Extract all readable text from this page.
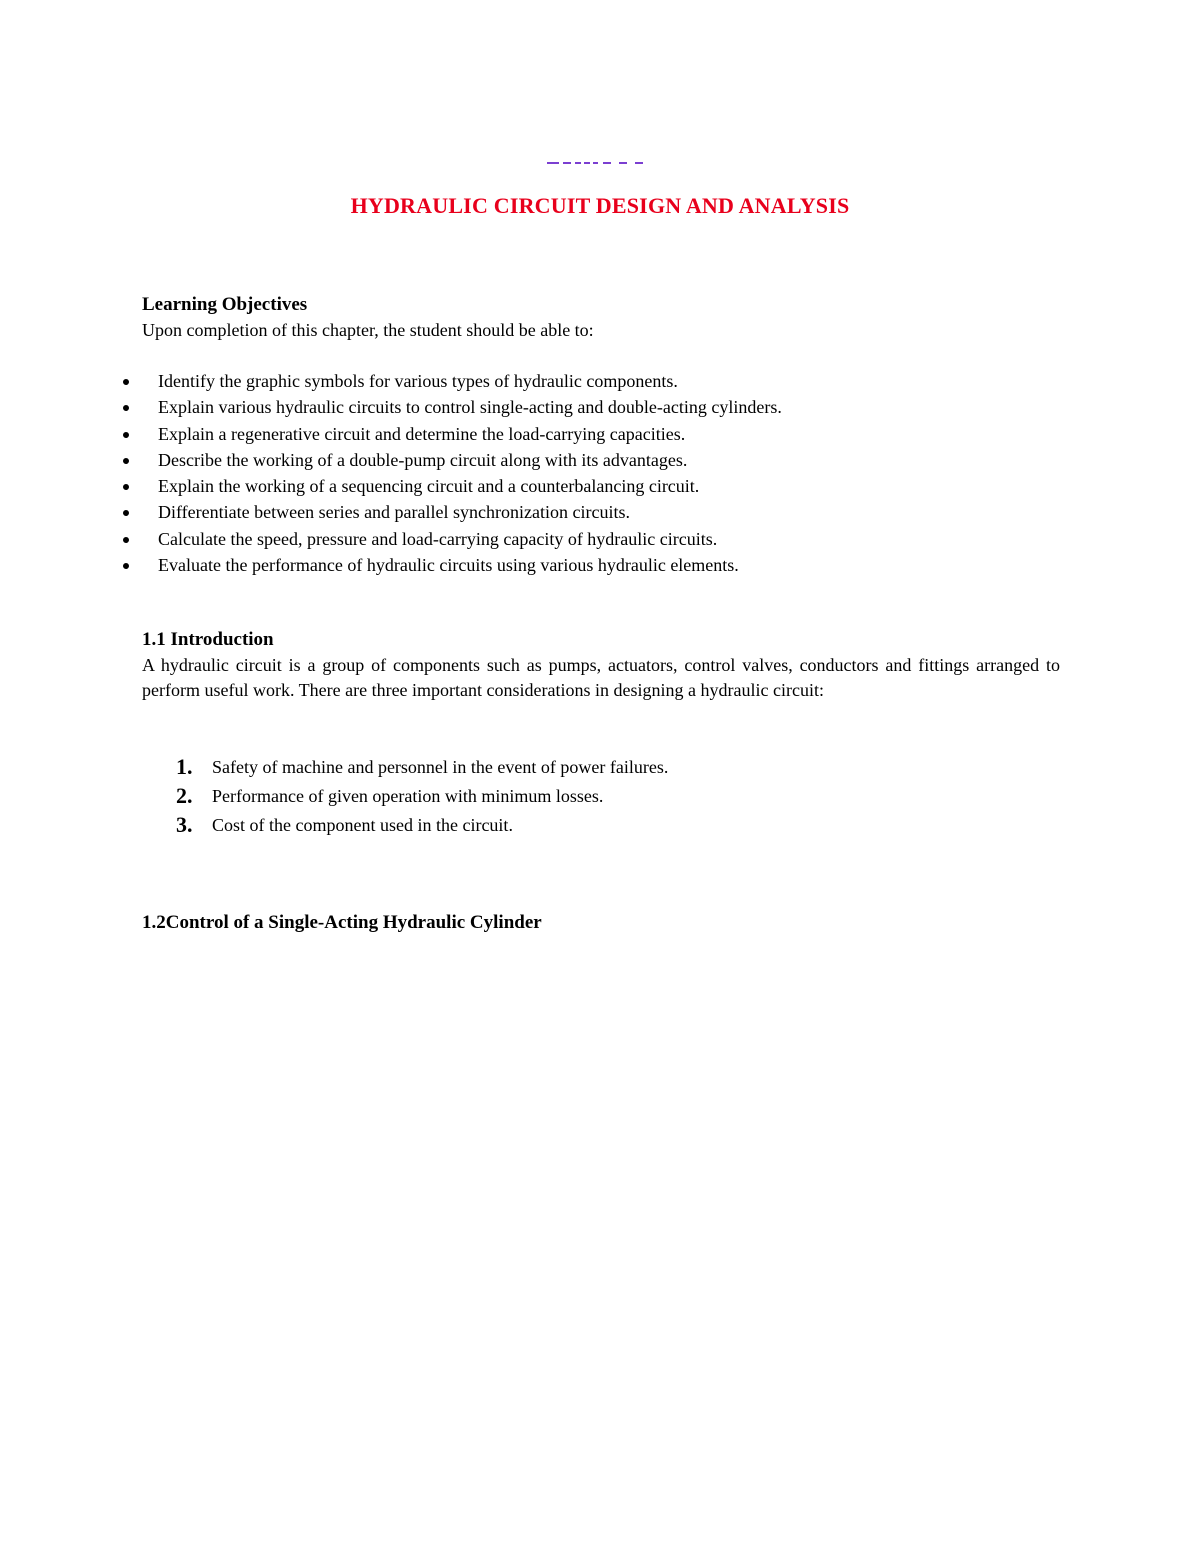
HYDRAULIC CIRCUIT DESIGN AND ANALYSIS
Learning Objectives
Upon completion of this chapter, the student should be able to:
Identify the graphic symbols for various types of hydraulic components.
Explain various hydraulic circuits to control single-acting and double-acting cylinders.
Explain a regenerative circuit and determine the load-carrying capacities.
Describe the working of a double-pump circuit along with its advantages.
Explain the working of a sequencing circuit and a counterbalancing circuit.
Differentiate between series and parallel synchronization circuits.
Calculate the speed, pressure and load-carrying capacity of hydraulic circuits.
Evaluate the performance of hydraulic circuits using various hydraulic elements.
1.1 Introduction
A hydraulic circuit is a group of components such as pumps, actuators, control valves, conductors and fittings arranged to perform useful work. There are three important considerations in designing a hydraulic circuit:
1. Safety of machine and personnel in the event of power failures.
2. Performance of given operation with minimum losses.
3. Cost of the component used in the circuit.
1.2Control of a Single-Acting Hydraulic Cylinder
